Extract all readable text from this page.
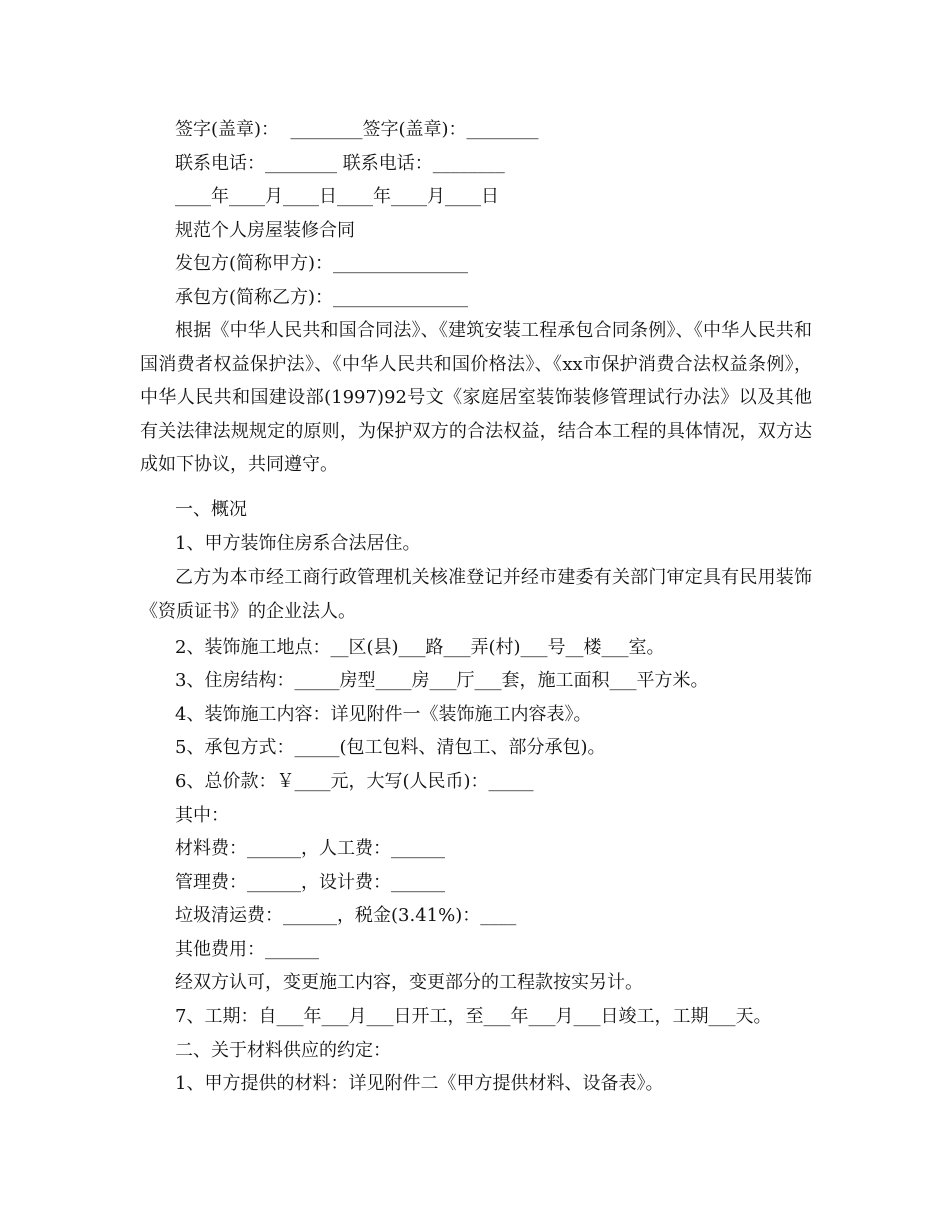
签字(盖章)：  ________签字(盖章)：________
联系电话：________ 联系电话：________
____年____月____日____年____月____日
规范个人房屋装修合同
发包方(简称甲方)：_______________
承包方(简称乙方)：_______________
根据《中华人民共和国合同法》、《建筑安装工程承包合同条例》、《中华人民共和国消费者权益保护法》、《中华人民共和国价格法》、《xx市保护消费合法权益条例》，中华人民共和国建设部(1997)92号文《家庭居室装饰装修管理试行办法》以及其他有关法律法规规定的原则，为保护双方的合法权益，结合本工程的具体情况，双方达成如下协议，共同遵守。
一、概况
1、甲方装饰住房系合法居住。
乙方为本市经工商行政管理机关核准登记并经市建委有关部门审定具有民用装饰《资质证书》的企业法人。
2、装饰施工地点：__区(县)___路___弄(村)___号__楼___室。
3、住房结构：_____房型____房___厅___套，施工面积___平方米。
4、装饰施工内容：详见附件一《装饰施工内容表》。
5、承包方式：_____(包工包料、清包工、部分承包)。
6、总价款：￥____元，大写(人民币)：_____
其中：
材料费：______，人工费：______
管理费：______，设计费：______
垃圾清运费：______，税金(3.41%)：____
其他费用：______
经双方认可，变更施工内容，变更部分的工程款按实另计。
7、工期：自___年___月___日开工，至___年___月___日竣工，工期___天。
二、关于材料供应的约定：
1、甲方提供的材料：详见附件二《甲方提供材料、设备表》。
